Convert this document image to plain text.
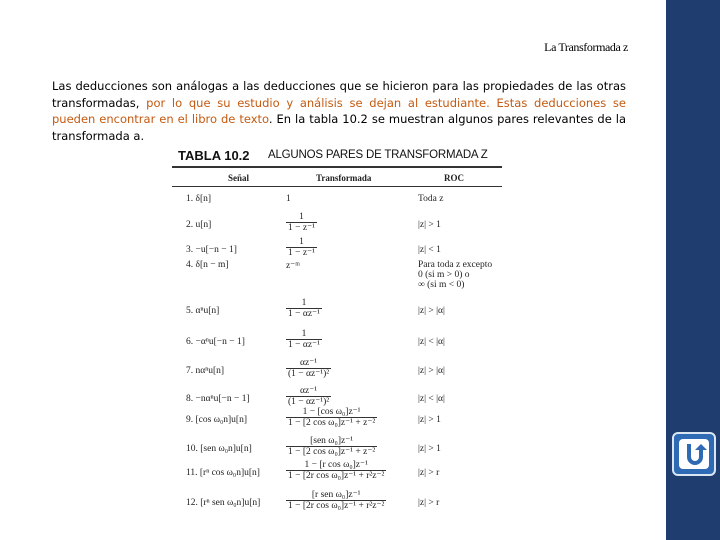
La Transformada z

Las deducciones son análogas a las deducciones que se hicieron para las propiedades de las otras transformadas, por lo que su estudio y análisis se dejan al estudiante. Estas deducciones se pueden encontrar en el libro de texto. En la tabla 10.2 se muestran algunos pares relevantes de la transformada a.

TABLA 10.2 ALGUNOS PARES DE TRANSFORMADA Z
Señal	Transformada	ROC
1. δ[n]	1	Toda z
2. u[n]	$\frac{1}{\text{1 − z⁻¹}}$	|z| > 1
3. −u[−n − 1]	$\frac{1}{\text{1 − z⁻¹}}$	|z| < 1
4. δ[n − m]	z⁻ᵐ	Para toda z excepto
0 (si m > 0) o
∞ (si m < 0)
5. αⁿu[n]	$\frac{1}{\text{1 − αz⁻¹}}$	|z| > |α|
6. −αⁿu[−n − 1]	$\frac{1}{\text{1 − αz⁻¹}}$	|z| < |α|
7. nαⁿu[n]	$\frac{\text{αz⁻¹}}{\text{(1 − αz⁻¹)²}}$	|z| > |α|
8. −nαⁿu[−n − 1]	$\frac{\text{αz⁻¹}}{\text{(1 − αz⁻¹)²}}$	|z| < |α|
9. [cos ω₀n]u[n]	$\frac{\text{1 − [cos ω₀]z⁻¹}}{\text{1 − [2 cos ω₀]z⁻¹ + z⁻²}}$	|z| > 1
10. [sen ω₀n]u[n]	$\frac{\text{[sen ω₀]z⁻¹}}{\text{1 − [2 cos ω₀]z⁻¹ + z⁻²}}$	|z| > 1
11. [rⁿ cos ω₀n]u[n]	$\frac{\text{1 − [r cos ω₀]z⁻¹}}{\text{1 − [2r cos ω₀]z⁻¹ + r²z⁻²}}$	|z| > r
12. [rⁿ sen ω₀n]u[n]	$\frac{\text{[r sen ω₀]z⁻¹}}{\text{1 − [2r cos ω₀]z⁻¹ + r²z⁻²}}$	|z| > r
